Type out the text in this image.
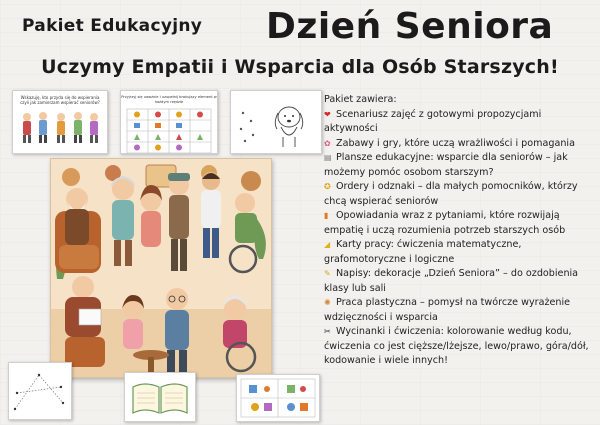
Pakiet Edukacyjny Dzień Seniora
Uczymy Empatii i Wsparcia dla Osób Starszych!
Wskazuję, kto przyda się do wspierania
czyli jak zamierzam wspierać seniorów?
Przyjrzyj się uważnie i uzupełnij brakujący element w każdym rzędzie	Pakiet zawiera:
❤ Scenariusz zajęć z gotowymi propozycjami aktywności
✿ Zabawy i gry, które uczą wrażliwości i pomagania
▤ Plansze edukacyjne: wsparcie dla seniorów – jak możemy pomóc osobom starszym?
✪ Ordery i odznaki – dla małych pomocników, którzy chcą wspierać seniorów
▮ Opowiadania wraz z pytaniami, które rozwijają empatię i uczą rozumienia potrzeb starszych osób
◢ Karty pracy: ćwiczenia matematyczne, grafomotoryczne i logiczne
✎ Napisy: dekoracje „Dzień Seniora” – do ozdobienia klasy lub sali
✺ Praca plastyczna – pomysł na twórcze wyrażenie wdzięczności i wsparcia
✂ Wycinanki i ćwiczenia: kolorowanie według kodu, ćwiczenia co jest cięższe/lżejsze, lewo/prawo, góra/dół, kodowanie i wiele innych!
